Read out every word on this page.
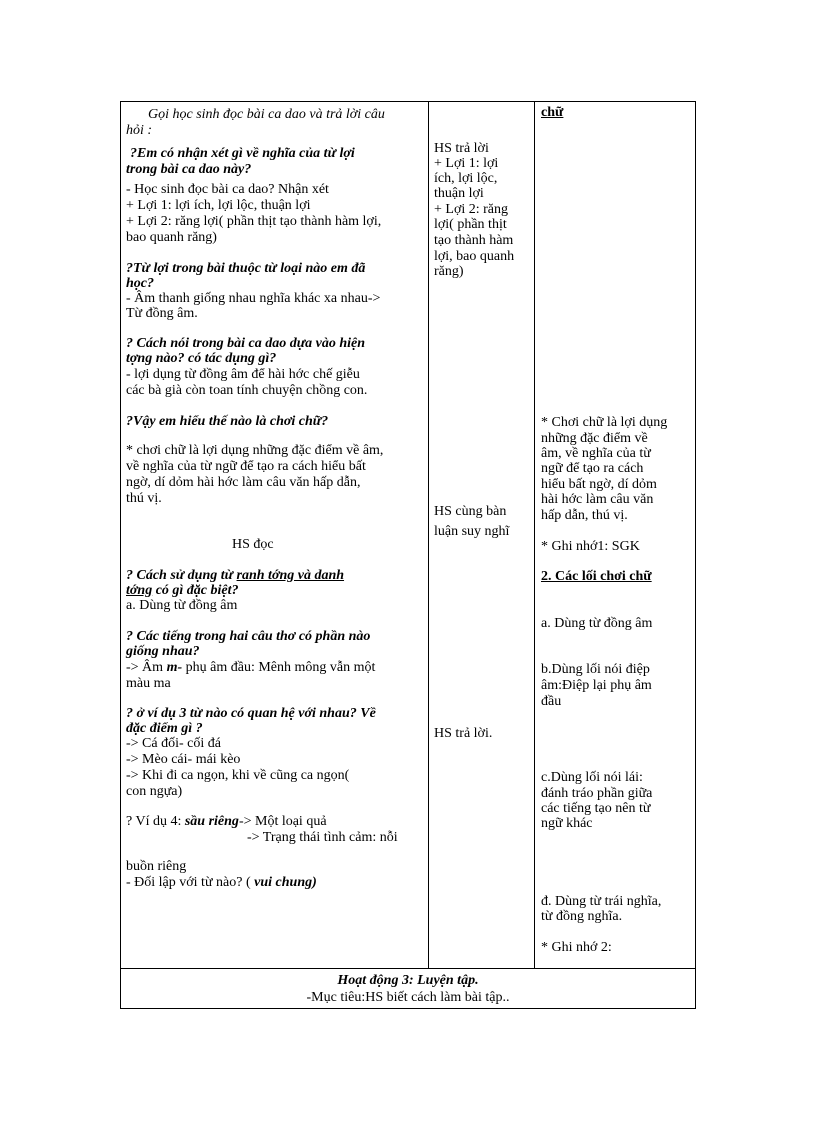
Gọi học sinh đọc bài ca dao và trả lời câu
hỏi :
?Em có nhận xét gì về nghĩa của từ lợi
trong bài ca dao này?
- Học sinh đọc bài ca dao? Nhận xét
+ Lợi 1: lợi ích, lợi lộc, thuận lợi
+ Lợi 2: răng lợi( phần thịt tạo thành hàm lợi,
bao quanh răng)
?Từ lợi trong bài thuộc từ loại nào em đã
học?
- Âm thanh giống nhau nghĩa khác xa nhau->
Từ đồng âm.
? Cách nói trong bài ca dao dựa vào hiện
tợng nào? có tác dụng gì?
- lợi dụng từ đồng âm để hài hớc chế giễu
các bà già còn toan tính chuyện chồng con.
?Vậy em hiểu thế nào là chơi chữ?
* chơi chữ là lợi dụng những đặc điểm về âm,
về nghĩa của từ ngữ để tạo ra cách hiểu bất
ngờ, dí dỏm hài hớc làm câu văn hấp dẫn,
thú vị.
HS đọc
? Cách sử dụng từ ranh tớng và danh
tớng có gì đặc biệt?
a. Dùng từ đồng âm
? Các tiếng trong hai câu thơ có phần nào
giống nhau?
-> Âm m- phụ âm đầu: Mênh mông vẫn một
màu ma
? ở ví dụ 3 từ nào có quan hệ với nhau? Về
đặc điểm gì ?
-> Cá đối- cối đá
-> Mèo cái- mái kèo
-> Khi đi ca ngọn, khi về cũng ca ngọn(
con ngựa)
? Ví dụ 4: sầu riêng-> Một loại quả
-> Trạng thái tình cảm: nỗi
buồn riêng
- Đối lập với từ nào? ( vui chung)
HS trả lời
+ Lợi 1: lợi
ích, lợi lộc,
thuận lợi
+ Lợi 2: răng
lợi( phần thịt
tạo thành hàm
lợi, bao quanh
răng)
HS cùng bàn
luận suy nghĩ
HS trả lời.
chữ
* Chơi chữ là lợi dụng
những đặc điểm về
âm, về nghĩa của từ
ngữ để tạo ra cách
hiểu bất ngờ, dí dỏm
hài hớc làm câu văn
hấp dẫn, thú vị.
* Ghi nhớ1: SGK
2. Các lối chơi chữ
a. Dùng từ đồng âm
b.Dùng lối nói điệp
âm:Điệp lại phụ âm
đầu
c.Dùng lối nói lái:
đánh tráo phần giữa
các tiếng tạo nên từ
ngữ khác
đ. Dùng từ trái nghĩa,
từ đồng nghĩa.
* Ghi nhớ 2:
Hoạt động 3: Luyện tập.
-Mục tiêu:HS biết cách làm bài tập..
